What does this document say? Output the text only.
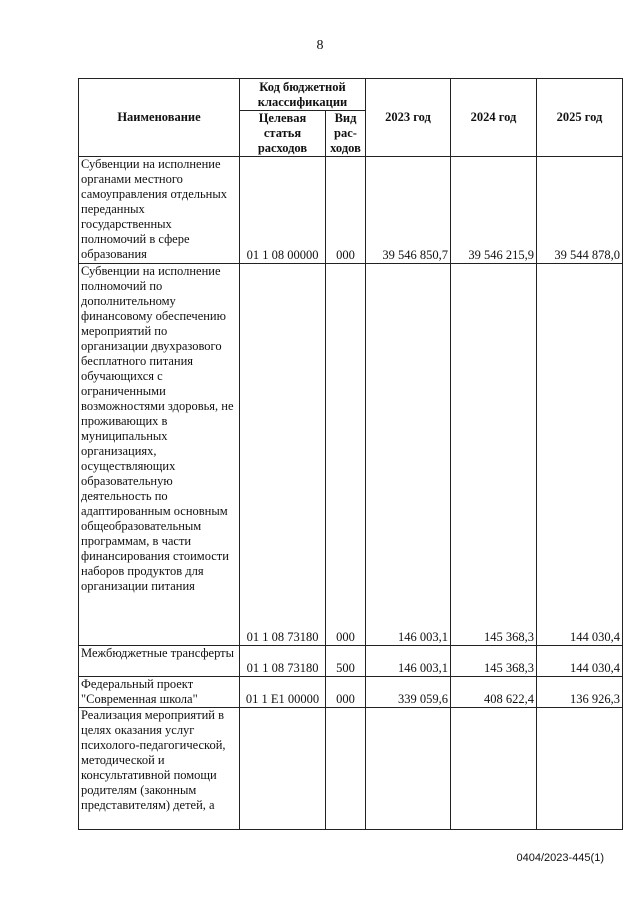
8
Наименование	Код бюджетной классификации		2023 год	2024 год	2025 год
	Целевая статья расходов	Вид рас- ходов			
Субвенции на исполнение органами местного самоуправления отдельных переданных государственных полномочий в сфере образования	01 1 08 00000	000	39 546 850,7	39 546 215,9	39 544 878,0
Субвенции на исполнение полномочий по дополнительному финансовому обеспечению мероприятий по организации двухразового бесплатного питания обучающихся с ограниченными возможностями здоровья, не проживающих в муниципальных организациях, осуществляющих образовательную деятельность по адаптированным основным общеобразовательным программам, в части финансирования стоимости наборов продуктов для организации питания	01 1 08 73180	000	146 003,1	145 368,3	144 030,4
Межбюджетные трансферты	01 1 08 73180	500	146 003,1	145 368,3	144 030,4
Федеральный проект "Современная школа"	01 1 E1 00000	000	339 059,6	408 622,4	136 926,3
Реализация мероприятий в целях оказания услуг психолого-педагогической, методической и консультативной помощи родителям (законным представителям) детей, а					
0404/2023-445(1)
